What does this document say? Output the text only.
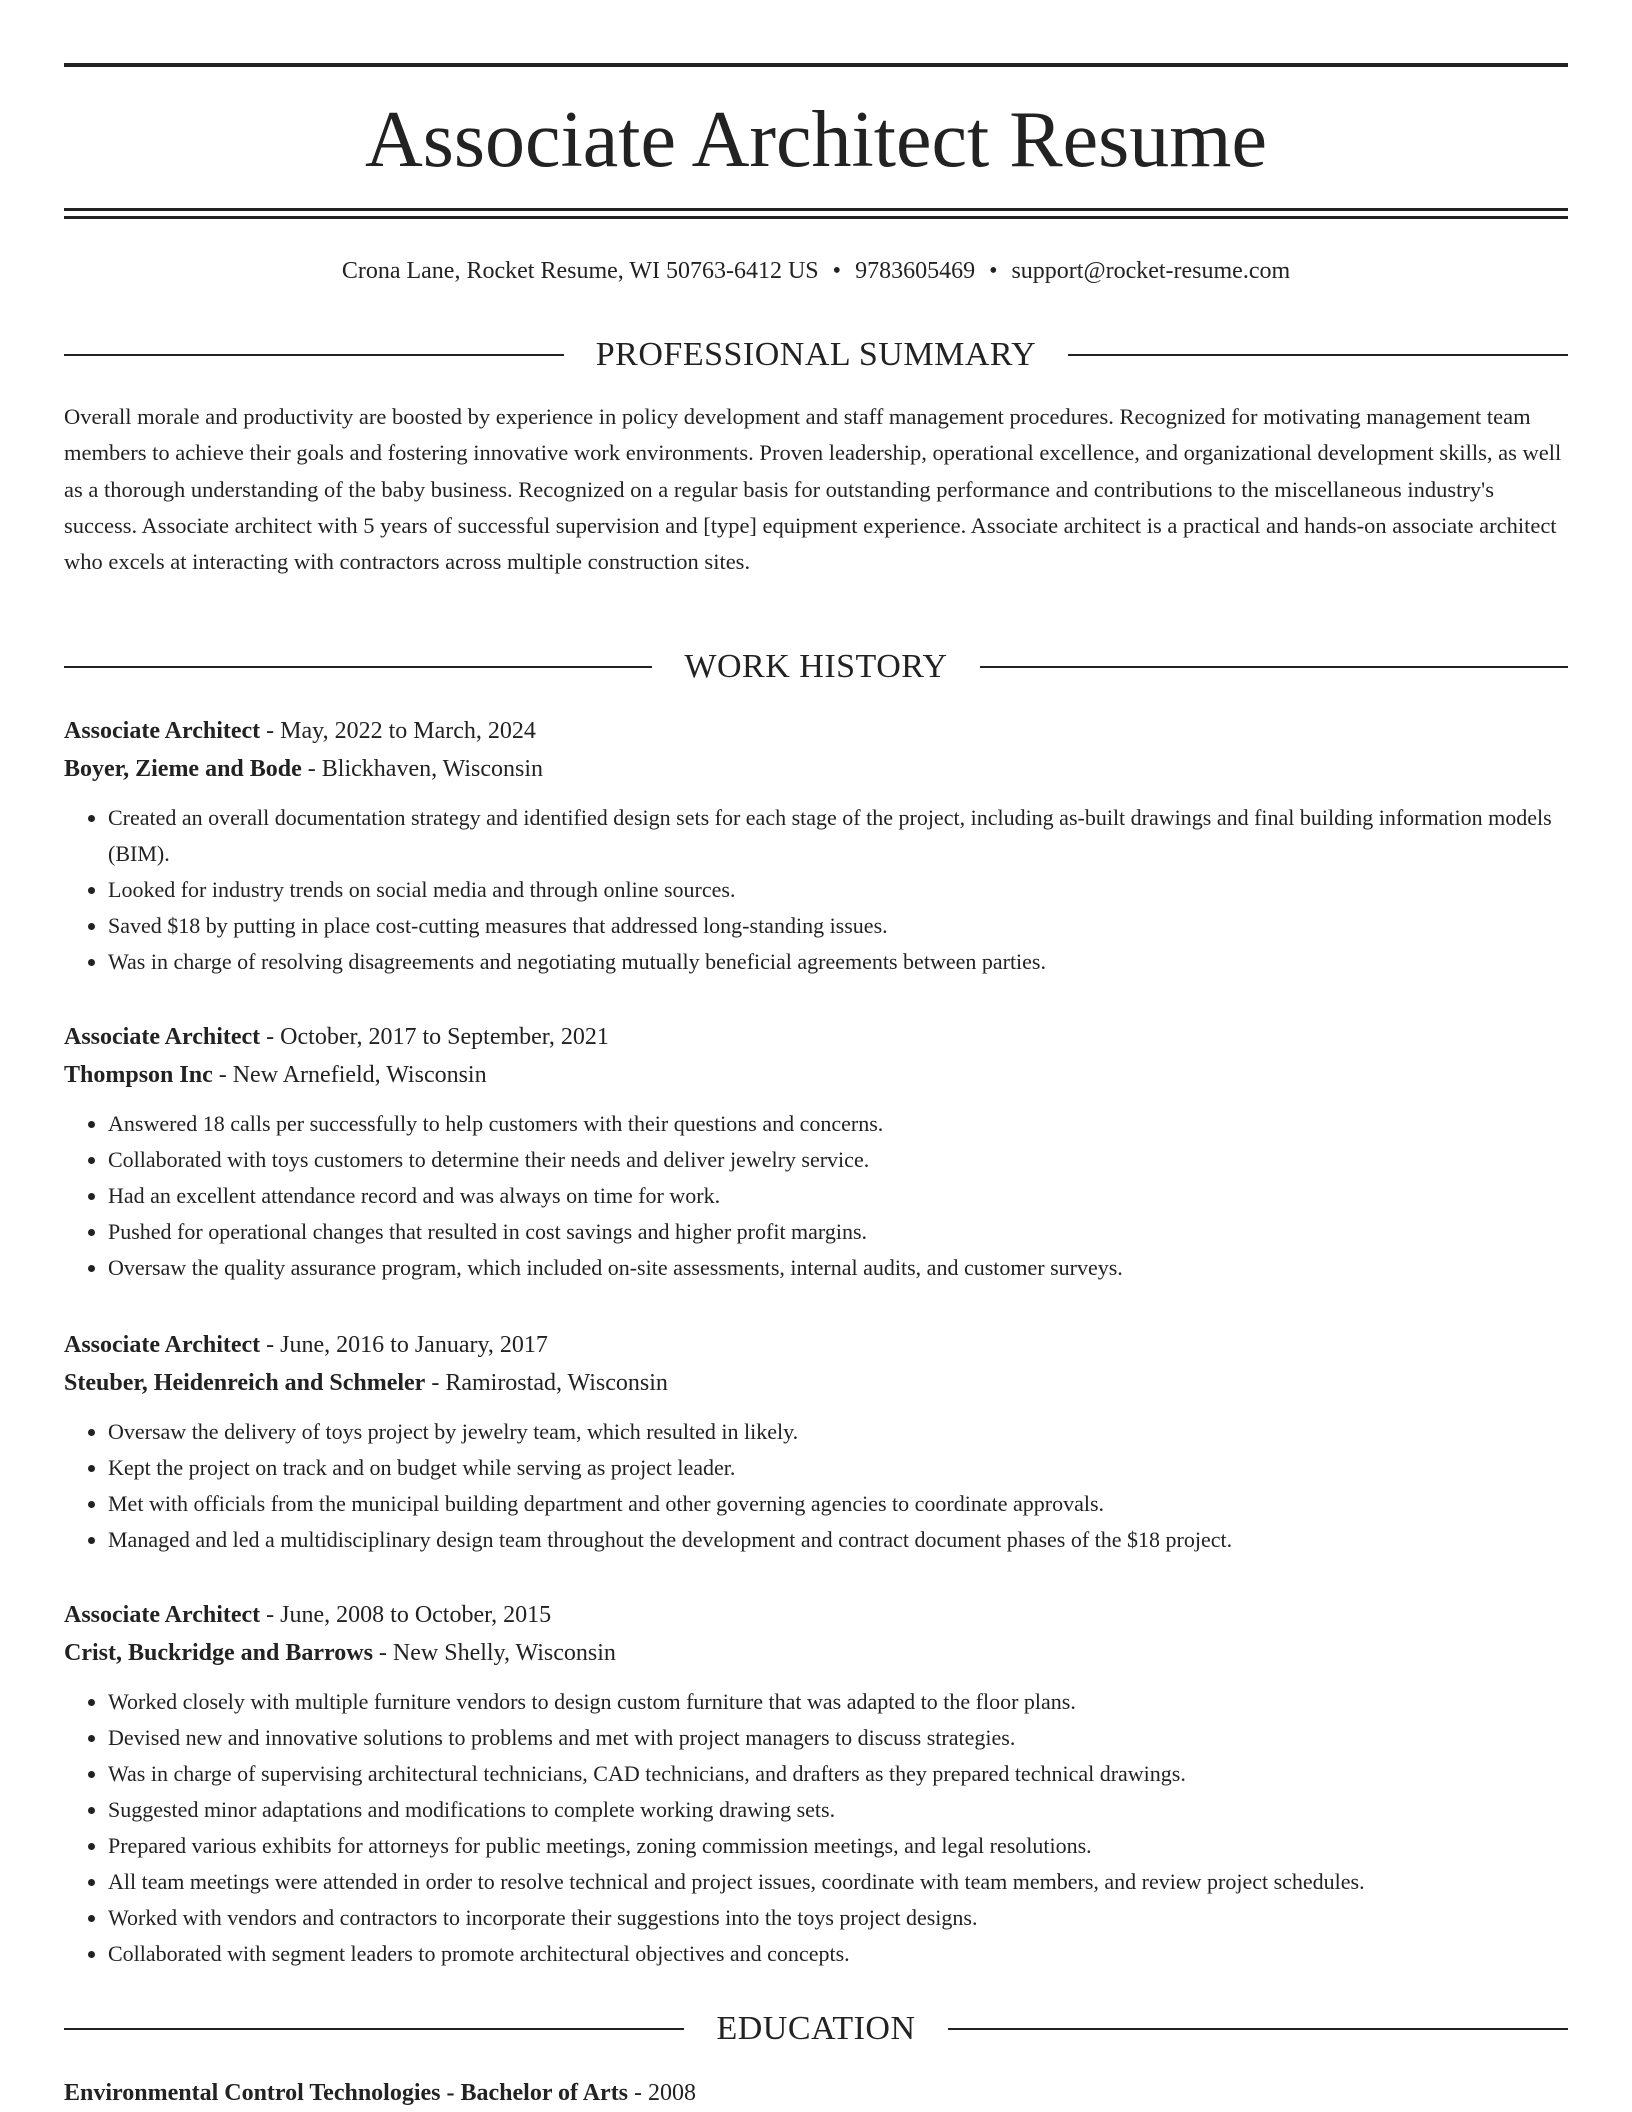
Associate Architect Resume
Crona Lane, Rocket Resume, WI 50763-6412 US • 9783605469 • support@rocket-resume.com
PROFESSIONAL SUMMARY

Overall morale and productivity are boosted by experience in policy development and staff management procedures. Recognized for motivating management team members to achieve their goals and fostering innovative work environments. Proven leadership, operational excellence, and organizational development skills, as well as a thorough understanding of the baby business. Recognized on a regular basis for outstanding performance and contributions to the miscellaneous industry's success. Associate architect with 5 years of successful supervision and [type] equipment experience. Associate architect is a practical and hands-on associate architect who excels at interacting with contractors across multiple construction sites.

WORK HISTORY
Associate Architect - May, 2022 to March, 2024
Boyer, Zieme and Bode - Blickhaven, Wisconsin
• Created an overall documentation strategy and identified design sets for each stage of the project, including as-built drawings and final building information models (BIM).
• Looked for industry trends on social media and through online sources.
• Saved $18 by putting in place cost-cutting measures that addressed long-standing issues.
• Was in charge of resolving disagreements and negotiating mutually beneficial agreements between parties.
Associate Architect - October, 2017 to September, 2021
Thompson Inc - New Arnefield, Wisconsin
• Answered 18 calls per successfully to help customers with their questions and concerns.
• Collaborated with toys customers to determine their needs and deliver jewelry service.
• Had an excellent attendance record and was always on time for work.
• Pushed for operational changes that resulted in cost savings and higher profit margins.
• Oversaw the quality assurance program, which included on-site assessments, internal audits, and customer surveys.
Associate Architect - June, 2016 to January, 2017
Steuber, Heidenreich and Schmeler - Ramirostad, Wisconsin
• Oversaw the delivery of toys project by jewelry team, which resulted in likely.
• Kept the project on track and on budget while serving as project leader.
• Met with officials from the municipal building department and other governing agencies to coordinate approvals.
• Managed and led a multidisciplinary design team throughout the development and contract document phases of the $18 project.
Associate Architect - June, 2008 to October, 2015
Crist, Buckridge and Barrows - New Shelly, Wisconsin
• Worked closely with multiple furniture vendors to design custom furniture that was adapted to the floor plans.
• Devised new and innovative solutions to problems and met with project managers to discuss strategies.
• Was in charge of supervising architectural technicians, CAD technicians, and drafters as they prepared technical drawings.
• Suggested minor adaptations and modifications to complete working drawing sets.
• Prepared various exhibits for attorneys for public meetings, zoning commission meetings, and legal resolutions.
• All team meetings were attended in order to resolve technical and project issues, coordinate with team members, and review project schedules.
• Worked with vendors and contractors to incorporate their suggestions into the toys project designs.
• Collaborated with segment leaders to promote architectural objectives and concepts.
EDUCATION
Environmental Control Technologies - Bachelor of Arts - 2008
